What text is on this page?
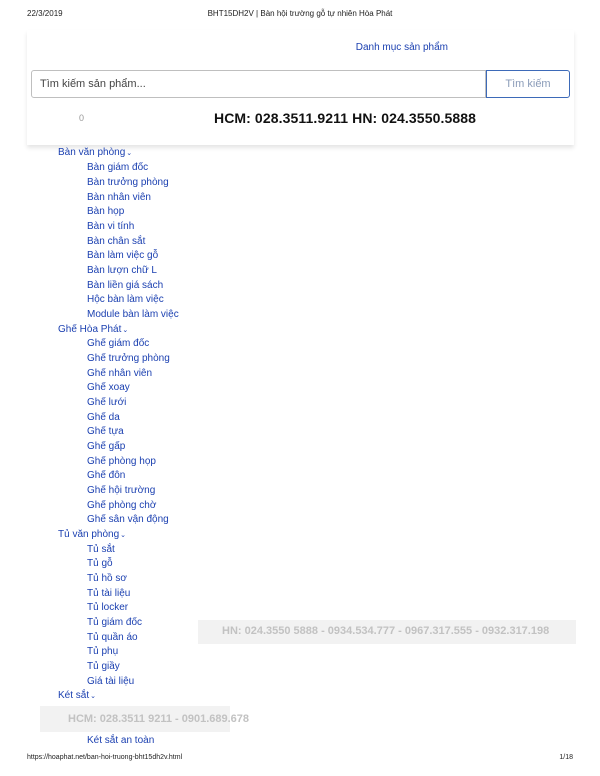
22/3/2019	BHT15DH2V | Bàn hội trường gỗ tự nhiên Hòa Phát
Danh mục sản phẩm
Tìm kiếm sản phẩm...
Tìm kiếm
0	HCM: 028.3511.9211 HN: 024.3550.5888
Bàn văn phòng⌄
Bàn giám đốc
Bàn trưởng phòng
Bàn nhân viên
Bàn họp
Bàn vi tính
Bàn chân sắt
Bàn làm việc gỗ
Bàn lượn chữ L
Bàn liền giá sách
Hộc bàn làm việc
Module bàn làm việc
Ghế Hòa Phát⌄
Ghế giám đốc
Ghế trưởng phòng
Ghế nhân viên
Ghế xoay
Ghế lưới
Ghế da
Ghế tựa
Ghế gấp
Ghế phòng họp
Ghế đôn
Ghế hội trường
Ghế phòng chờ
Ghế sân vận động
Tủ văn phòng⌄
Tủ sắt
Tủ gỗ
Tủ hồ sơ
Tủ tài liệu
Tủ locker
Tủ giám đốc
Tủ quần áo
Tủ phụ
Tủ giầy
Giá tài liệu
Két sắt⌄
Két sắt an toàn
HN: 024.3550 5888 - 0934.534.777 - 0967.317.555 - 0932.317.198
HCM: 028.3511 9211 - 0901.689.678
https://hoaphat.net/ban-hoi-truong-bht15dh2v.html	1/18
